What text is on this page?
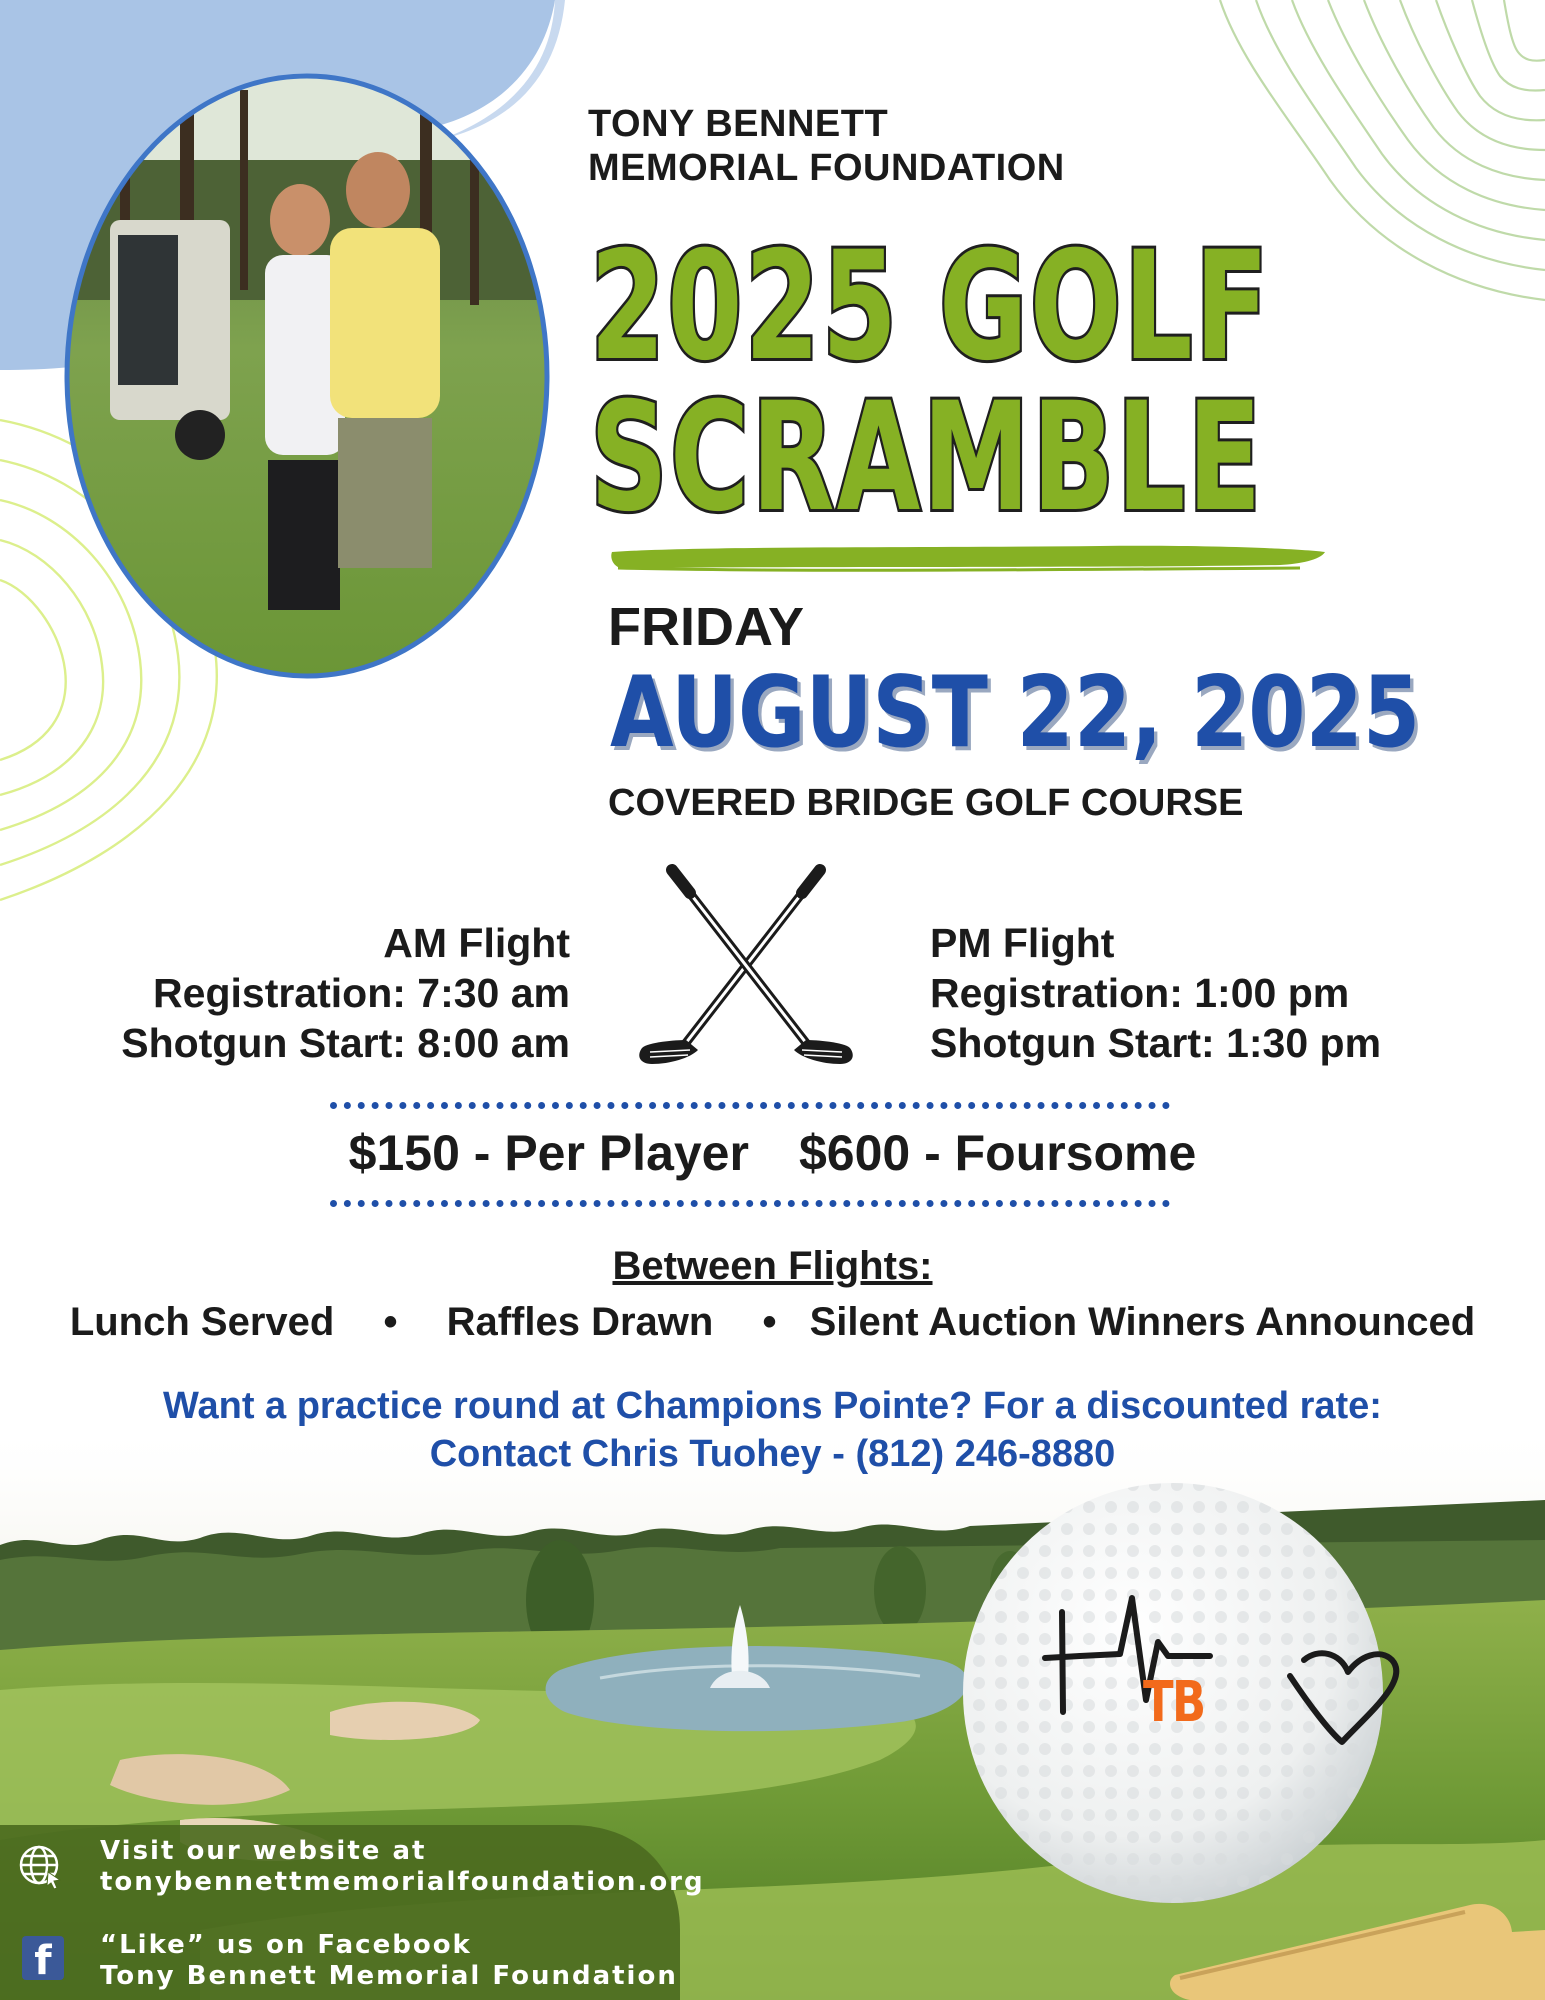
TONY BENNETT
MEMORIAL FOUNDATION
2025 GOLF
SCRAMBLE
FRIDAY
AUGUST 22, 2025
COVERED BRIDGE GOLF COURSE
AM Flight
Registration: 7:30 am
Shotgun Start: 8:00 am
PM Flight
Registration: 1:00 pm
Shotgun Start: 1:30 pm
$150 - Per Player $600 - Foursome
Between Flights:
Lunch Served • Raffles Drawn • Silent Auction Winners Announced
Want a practice round at Champions Pointe? For a discounted rate:
Contact Chris Tuohey - (812) 246-8880
TB
Visit our website at
tonybennettmemorialfoundation.org
f	“Like” us on Facebook
Tony Bennett Memorial Foundation
